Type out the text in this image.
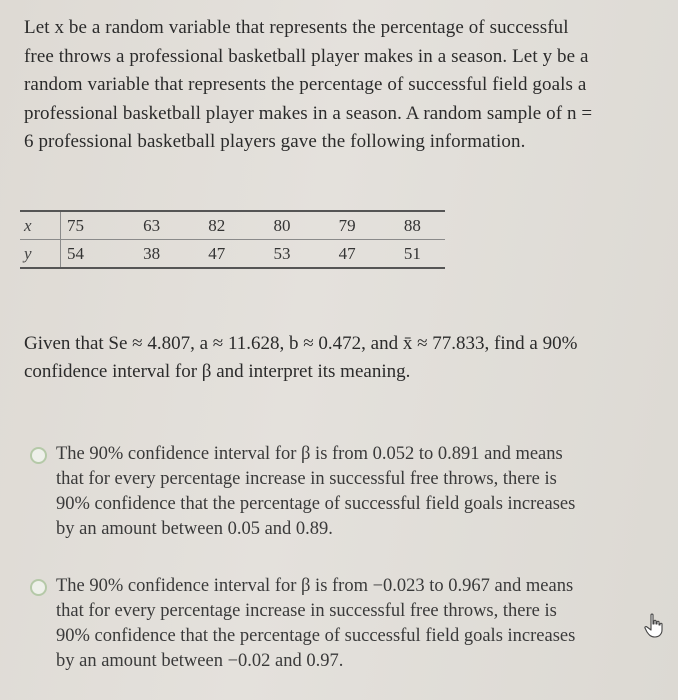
Let x be a random variable that represents the percentage of successful
free throws a professional basketball player makes in a season. Let y be a
random variable that represents the percentage of successful field goals a
professional basketball player makes in a season. A random sample of n =
6 professional basketball players gave the following information.
x	75	63	82	80	79	88
y	54	38	47	53	47	51
Given that Se ≈ 4.807, a ≈ 11.628, b ≈ 0.472, and x̄ ≈ 77.833, find a 90%
confidence interval for β and interpret its meaning.
The 90% confidence interval for β is from 0.052 to 0.891 and means
that for every percentage increase in successful free throws, there is
90% confidence that the percentage of successful field goals increases
by an amount between 0.05 and 0.89.
The 90% confidence interval for β is from −0.023 to 0.967 and means
that for every percentage increase in successful free throws, there is
90% confidence that the percentage of successful field goals increases
by an amount between −0.02 and 0.97.
